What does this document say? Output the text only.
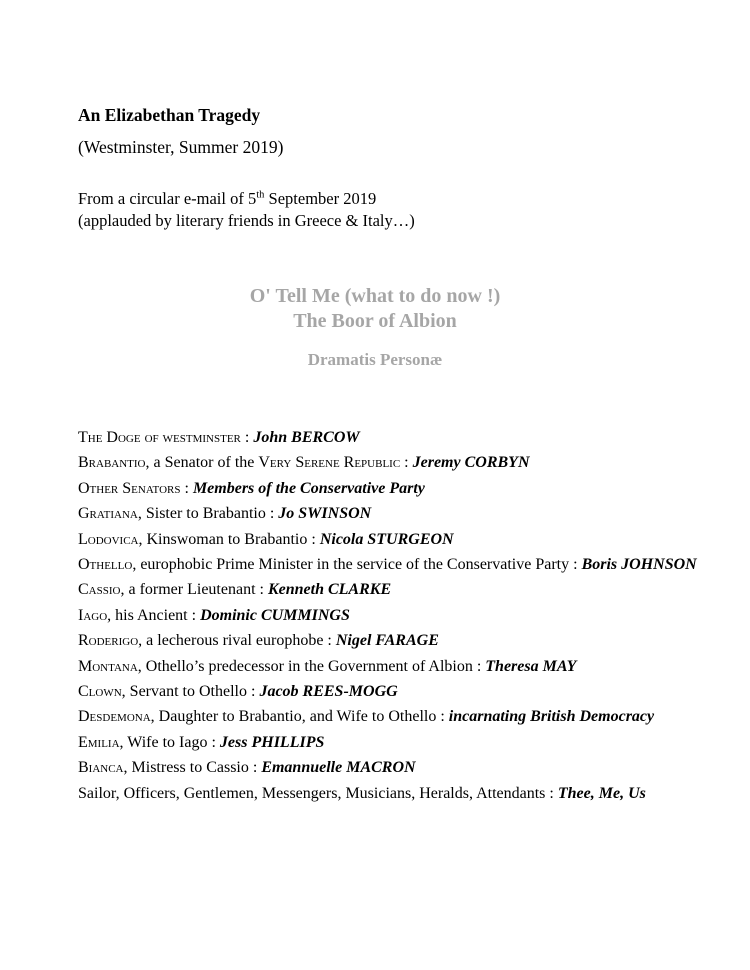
An Elizabethan Tragedy

(Westminster, Summer 2019)

From a circular e-mail of 5th September 2019

(applauded by literary friends in Greece & Italy…)

O' Tell Me (what to do now !)
The Boor of Albion
Dramatis Personæ
The Doge of westminster : John BERCOW
Brabantio, a Senator of the Very Serene Republic : Jeremy CORBYN
Other Senators : Members of the Conservative Party
Gratiana, Sister to Brabantio : Jo SWINSON
Lodovica, Kinswoman to Brabantio : Nicola STURGEON
Othello, europhobic Prime Minister in the service of the Conservative Party : Boris JOHNSON
Cassio, a former Lieutenant : Kenneth CLARKE
Iago, his Ancient : Dominic CUMMINGS
Roderigo, a lecherous rival europhobe : Nigel FARAGE
Montana, Othello’s predecessor in the Government of Albion : Theresa MAY
Clown, Servant to Othello : Jacob REES-MOGG
Desdemona, Daughter to Brabantio, and Wife to Othello : incarnating British Democracy
Emilia, Wife to Iago : Jess PHILLIPS
Bianca, Mistress to Cassio : Emannuelle MACRON
Sailor, Officers, Gentlemen, Messengers, Musicians, Heralds, Attendants : Thee, Me, Us
